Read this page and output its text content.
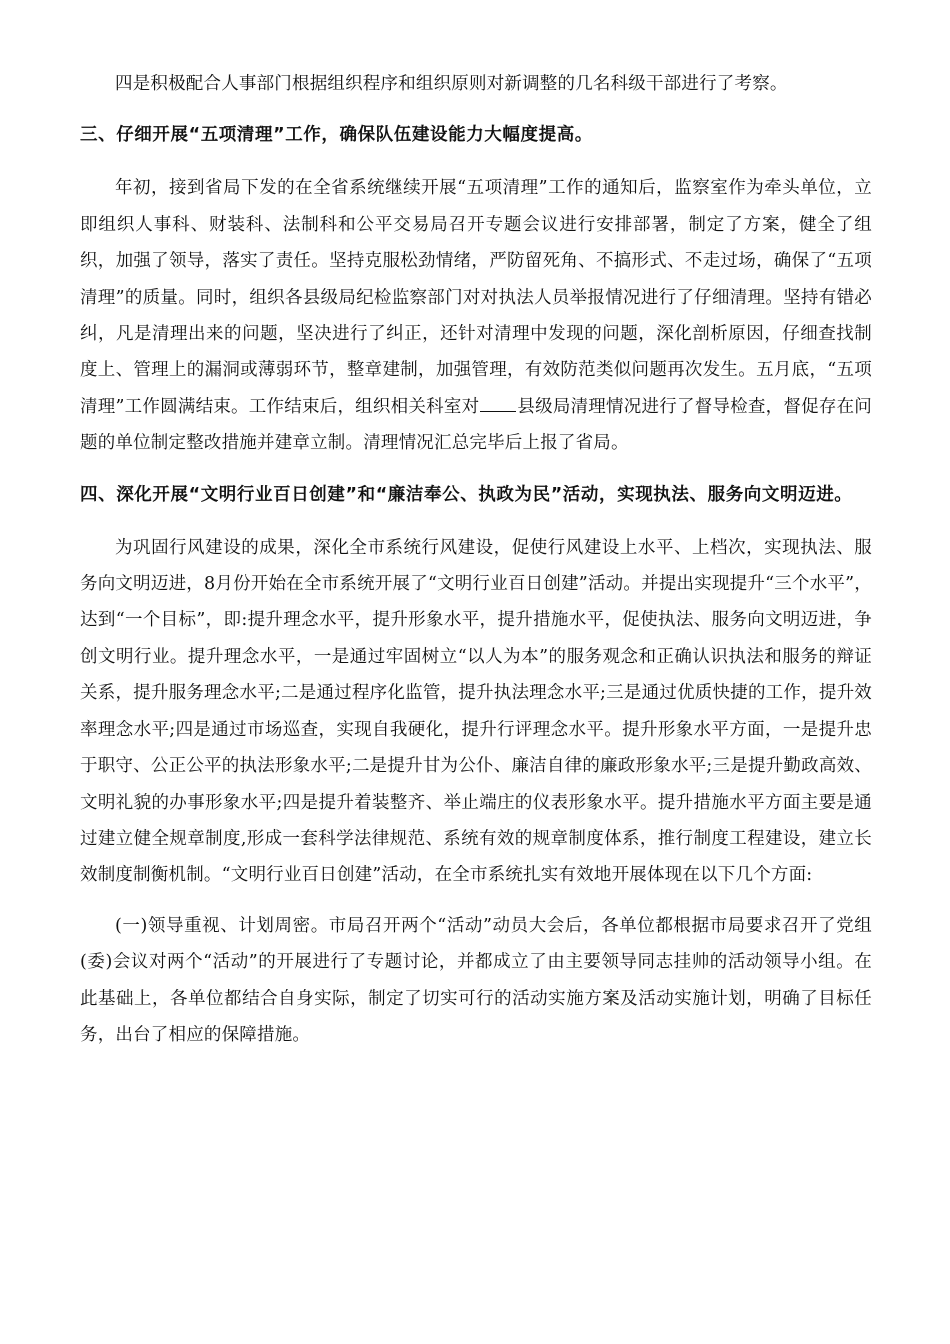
四是积极配合人事部门根据组织程序和组织原则对新调整的几名科级干部进行了考察。

三、仔细开展“五项清理”工作，确保队伍建设能力大幅度提高。

年初，接到省局下发的在全省系统继续开展“五项清理”工作的通知后，监察室作为牵头单位，立即组织人事科、财装科、法制科和公平交易局召开专题会议进行安排部署，制定了方案，健全了组织，加强了领导，落实了责任。坚持克服松劲情绪，严防留死角、不搞形式、不走过场，确保了“五项清理”的质量。同时，组织各县级局纪检监察部门对对执法人员举报情况进行了仔细清理。坚持有错必纠，凡是清理出来的问题，坚决进行了纠正，还针对清理中发现的问题，深化剖析原因，仔细查找制度上、管理上的漏洞或薄弱环节，整章建制，加强管理，有效防范类似问题再次发生。五月底，“五项清理”工作圆满结束。工作结束后，组织相关科室对 县级局清理情况进行了督导检查，督促存在问题的单位制定整改措施并建章立制。清理情况汇总完毕后上报了省局。

四、深化开展“文明行业百日创建”和“廉洁奉公、执政为民”活动，实现执法、服务向文明迈进。

为巩固行风建设的成果，深化全市系统行风建设，促使行风建设上水平、上档次，实现执法、服务向文明迈进，8月份开始在全市系统开展了“文明行业百日创建”活动。并提出实现提升“三个水平”，达到“一个目标”，即:提升理念水平，提升形象水平，提升措施水平，促使执法、服务向文明迈进，争创文明行业。提升理念水平，一是通过牢固树立“以人为本”的服务观念和正确认识执法和服务的辩证关系，提升服务理念水平;二是通过程序化监管，提升执法理念水平;三是通过优质快捷的工作，提升效率理念水平;四是通过市场巡查，实现自我硬化，提升行评理念水平。提升形象水平方面，一是提升忠于职守、公正公平的执法形象水平;二是提升甘为公仆、廉洁自律的廉政形象水平;三是提升勤政高效、文明礼貌的办事形象水平;四是提升着装整齐、举止端庄的仪表形象水平。提升措施水平方面主要是通过建立健全规章制度,形成一套科学法律规范、系统有效的规章制度体系，推行制度工程建设，建立长效制度制衡机制。“文明行业百日创建”活动，在全市系统扎实有效地开展体现在以下几个方面:

(一)领导重视、计划周密。市局召开两个“活动”动员大会后，各单位都根据市局要求召开了党组(委)会议对两个“活动”的开展进行了专题讨论，并都成立了由主要领导同志挂帅的活动领导小组。在此基础上，各单位都结合自身实际，制定了切实可行的活动实施方案及活动实施计划，明确了目标任务，出台了相应的保障措施。
